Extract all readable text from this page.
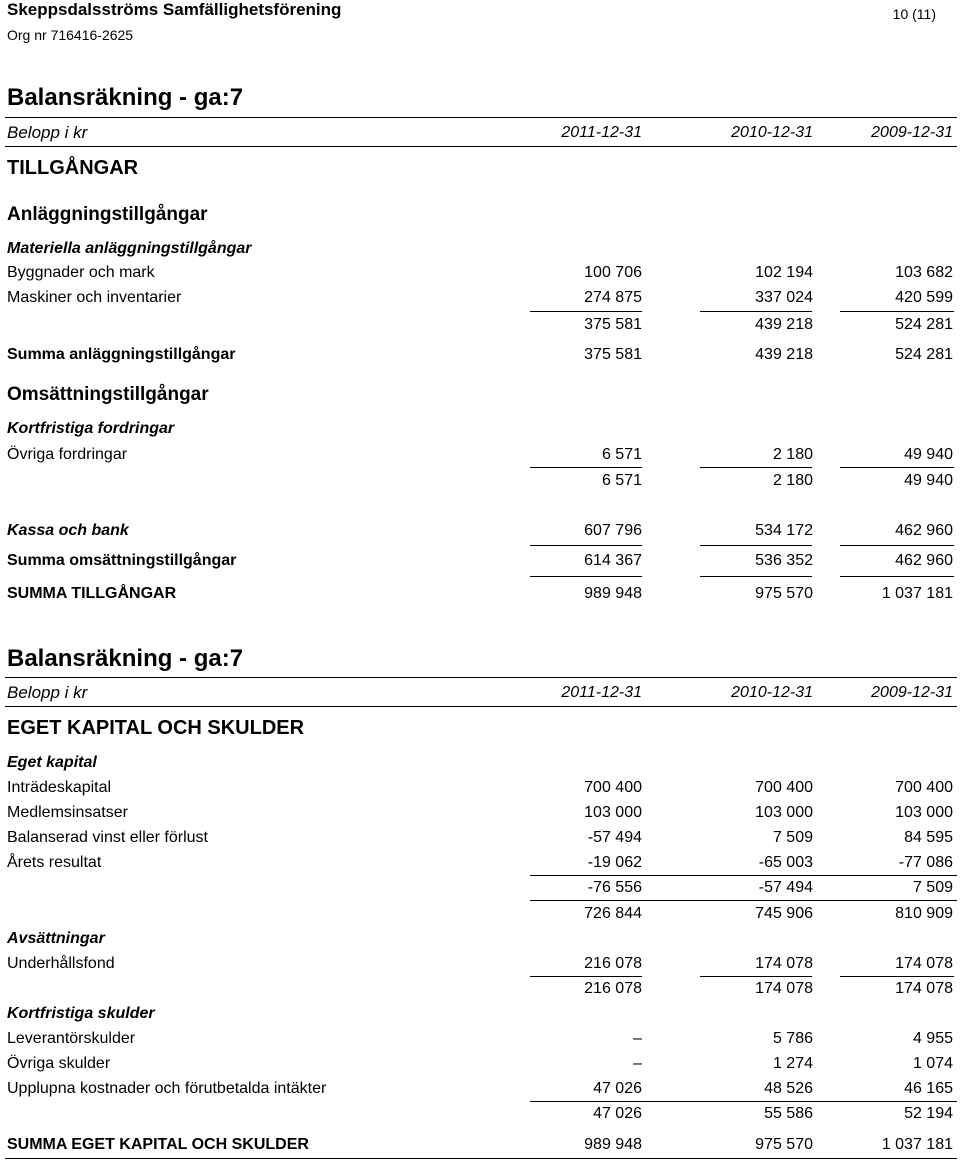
Skeppsdalsströms Samfällighetsförening
Org nr 716416-2625
10 (11)
Balansräkning - ga:7
Belopp i kr	2011-12-31	2010-12-31	2009-12-31
TILLGÅNGAR
Anläggningstillgångar
Materiella anläggningstillgångar
Byggnader och mark	100 706	102 194	103 682
Maskiner och inventarier	274 875	337 024	420 599
375 581	439 218	524 281
Summa anläggningstillgångar	375 581	439 218	524 281
Omsättningstillgångar
Kortfristiga fordringar
Övriga fordringar	6 571	2 180	49 940
6 571	2 180	49 940
Kassa och bank	607 796	534 172	462 960
Summa omsättningstillgångar	614 367	536 352	462 960
SUMMA TILLGÅNGAR	989 948	975 570	1 037 181
Balansräkning - ga:7
Belopp i kr	2011-12-31	2010-12-31	2009-12-31
EGET KAPITAL OCH SKULDER
Eget kapital
Inträdeskapital	700 400	700 400	700 400
Medlemsinsatser	103 000	103 000	103 000
Balanserad vinst eller förlust	-57 494	7 509	84 595
Årets resultat	-19 062	-65 003	-77 086
-76 556	-57 494	7 509
726 844	745 906	810 909
Avsättningar
Underhållsfond	216 078	174 078	174 078
216 078	174 078	174 078
Kortfristiga skulder
Leverantörskulder	–	5 786	4 955
Övriga skulder	–	1 274	1 074
Upplupna kostnader och förutbetalda intäkter	47 026	48 526	46 165
47 026	55 586	52 194
SUMMA EGET KAPITAL OCH SKULDER	989 948	975 570	1 037 181
